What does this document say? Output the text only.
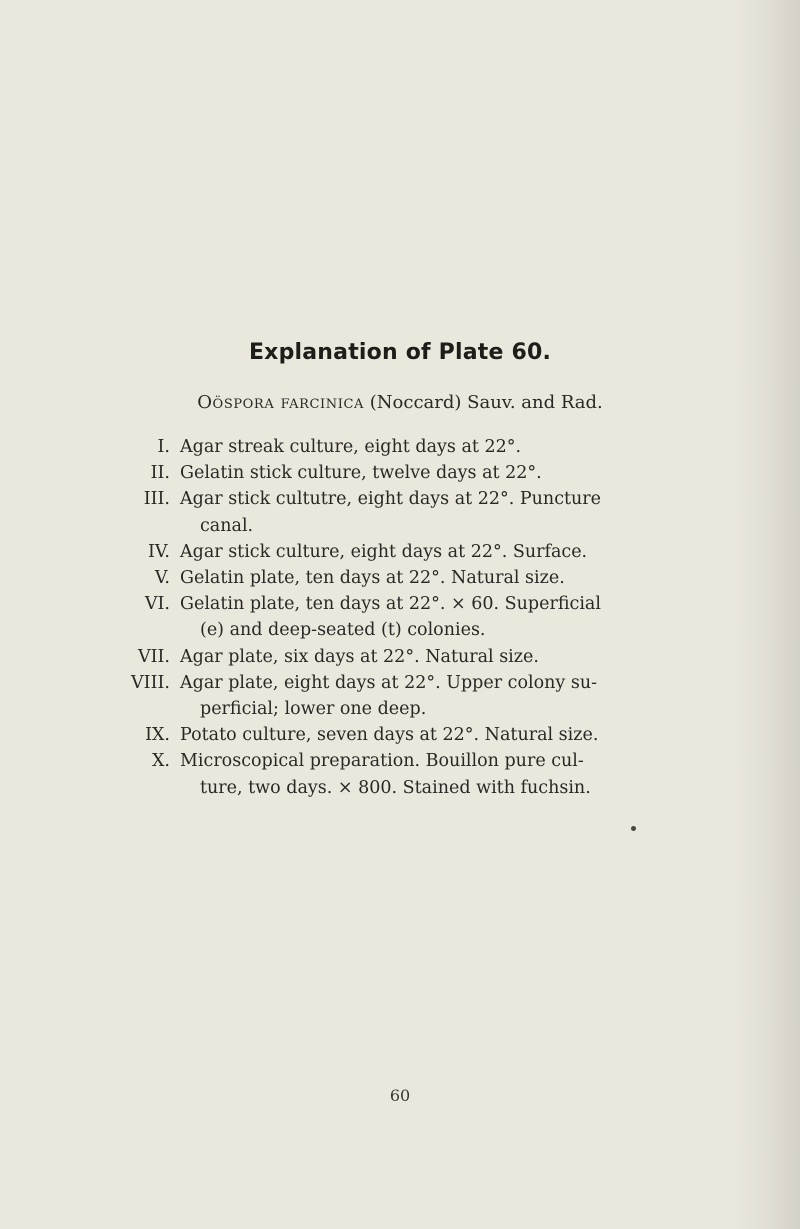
Explanation of Plate 60.
Oöspora farcinica (Noccard) Sauv. and Rad.
I. Agar streak culture, eight days at 22°.
II. Gelatin stick culture, twelve days at 22°.
III. Agar stick cultutre, eight days at 22°. Puncture
canal.
IV. Agar stick culture, eight days at 22°. Surface.
V. Gelatin plate, ten days at 22°. Natural size.
VI. Gelatin plate, ten days at 22°. × 60. Superficial
(e) and deep-seated (t) colonies.
VII. Agar plate, six days at 22°. Natural size.
VIII. Agar plate, eight days at 22°. Upper colony su-
perficial; lower one deep.
IX. Potato culture, seven days at 22°. Natural size.
X. Microscopical preparation. Bouillon pure cul-
ture, two days. × 800. Stained with fuchsin.
60
